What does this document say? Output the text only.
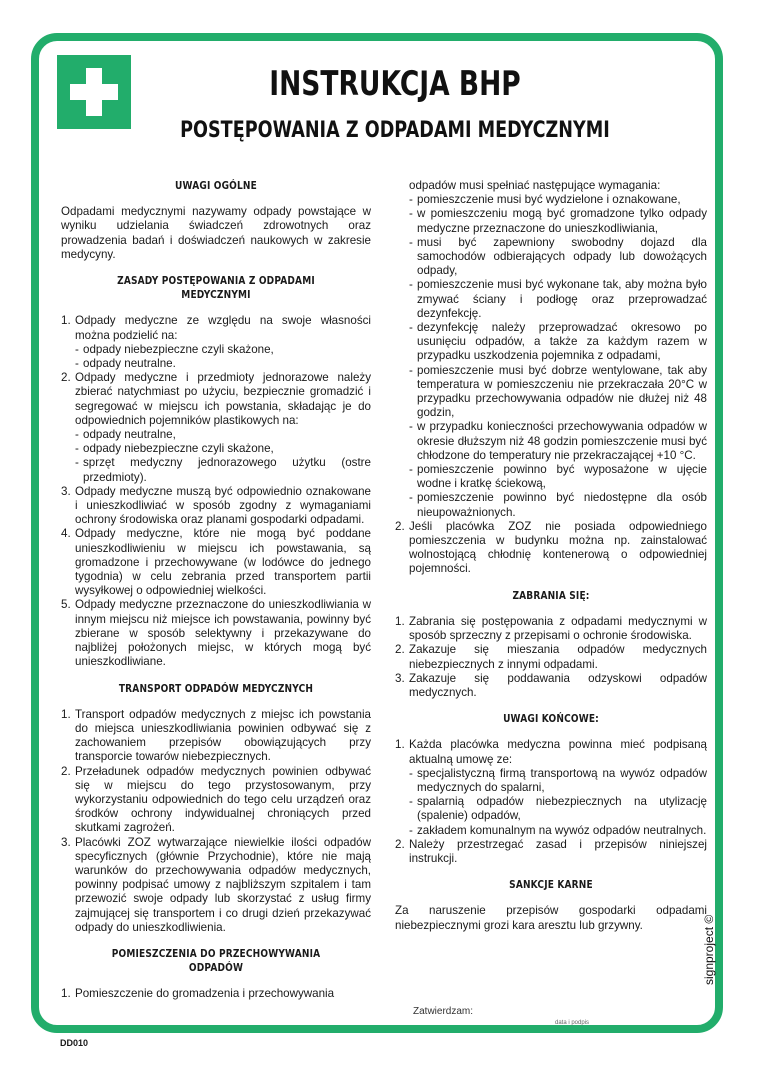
INSTRUKCJA BHP
POSTĘPOWANIA Z ODPADAMI MEDYCZNYMI
UWAGI OGÓLNE

Odpadami medycznymi nazywamy odpady powstające w wyniku udzielania świadczeń zdrowotnych oraz prowadzenia badań i doświadczeń naukowych w zakresie medycyny.

ZASADY POSTĘPOWANIA Z ODPADAMI MEDYCZNYMI
1. Odpady medyczne ze względu na swoje własności można podzielić na:
- odpady niebezpieczne czyli skażone,
- odpady neutralne.
2. Odpady medyczne i przedmioty jednorazowe należy zbierać natychmiast po użyciu, bezpiecznie gromadzić i segregować w miejscu ich powstania, składając je do odpowiednich pojemników plastikowych na:
- odpady neutralne,
- odpady niebezpieczne czyli skażone,
- sprzęt medyczny jednorazowego użytku (ostre przedmioty).
3. Odpady medyczne muszą być odpowiednio oznakowane i unieszkodliwiać w sposób zgodny z wymaganiami ochrony środowiska oraz planami gospodarki odpadami.
4. Odpady medyczne, które nie mogą być poddane unieszkodliwieniu w miejscu ich powstawania, są gromadzone i przechowywane (w lodówce do jednego tygodnia) w celu zebrania przed transportem partii wysyłkowej o odpowiedniej wielkości.
5. Odpady medyczne przeznaczone do unieszkodliwiania w innym miejscu niż miejsce ich powstawania, powinny być zbierane w sposób selektywny i przekazywane do najbliżej położonych miejsc, w których mogą być unieszkodliwiane.
TRANSPORT ODPADÓW MEDYCZNYCH
1. Transport odpadów medycznych z miejsc ich powstania do miejsca unieszkodliwiania powinien odbywać się z zachowaniem przepisów obowiązujących przy transporcie towarów niebezpiecznych.
2. Przeładunek odpadów medycznych powinien odbywać się w miejscu do tego przystosowanym, przy wykorzystaniu odpowiednich do tego celu urządzeń oraz środków ochrony indywidualnej chroniących przed skutkami zagrożeń.
3. Placówki ZOZ wytwarzające niewielkie ilości odpadów specyficznych (głównie Przychodnie), które nie mają warunków do przechowywania odpadów medycznych, powinny podpisać umowy z najbliższym szpitalem i tam przewozić swoje odpady lub skorzystać z usług firmy zajmującej się transportem i co drugi dzień przekazywać odpady do unieszkodliwienia.
POMIESZCZENIA DO PRZECHOWYWANIA ODPADÓW
1. Pomieszczenie do gromadzenia i przechowywania
odpadów musi spełniać następujące wymagania:
- pomieszczenie musi być wydzielone i oznakowane,
- w pomieszczeniu mogą być gromadzone tylko odpady medyczne przeznaczone do unieszkodliwiania,
- musi być zapewniony swobodny dojazd dla samochodów odbierających odpady lub dowożących odpady,
- pomieszczenie musi być wykonane tak, aby można było zmywać ściany i podłogę oraz przeprowadzać dezynfekcję.
- dezynfekcję należy przeprowadzać okresowo po usunięciu odpadów, a także za każdym razem w przypadku uszkodzenia pojemnika z odpadami,
- pomieszczenie musi być dobrze wentylowane, tak aby temperatura w pomieszczeniu nie przekraczała 20°C w przypadku przechowywania odpadów nie dłużej niż 48 godzin,
- w przypadku konieczności przechowywania odpadów w okresie dłuższym niż 48 godzin pomieszczenie musi być chłodzone do temperatury nie przekraczającej +10 °C.
- pomieszczenie powinno być wyposażone w ujęcie wodne i kratkę ściekową,
- pomieszczenie powinno być niedostępne dla osób nieupoważnionych.
2. Jeśli placówka ZOZ nie posiada odpowiedniego pomieszczenia w budynku można np. zainstalować wolnostojącą chłodnię kontenerową o odpowiedniej pojemności.
ZABRANIA SIĘ:
1. Zabrania się postępowania z odpadami medycznymi w sposób sprzeczny z przepisami o ochronie środowiska.
2. Zakazuje się mieszania odpadów medycznych niebezpiecznych z innymi odpadami.
3. Zakazuje się poddawania odzyskowi odpadów medycznych.
UWAGI KOŃCOWE:
1. Każda placówka medyczna powinna mieć podpisaną aktualną umowę ze:
- specjalistyczną firmą transportową na wywóz odpadów medycznych do spalarni,
- spalarnią odpadów niebezpiecznych na utylizację (spalenie) odpadów,
- zakładem komunalnym na wywóz odpadów neutralnych.
2. Należy przestrzegać zasad i przepisów niniejszej instrukcji.
SANKCJE KARNE

Za naruszenie przepisów gospodarki odpadami niebezpiecznymi grozi kara aresztu lub grzywny.

Zatwierdzam:
data i podpis
DD010
signproject ©
